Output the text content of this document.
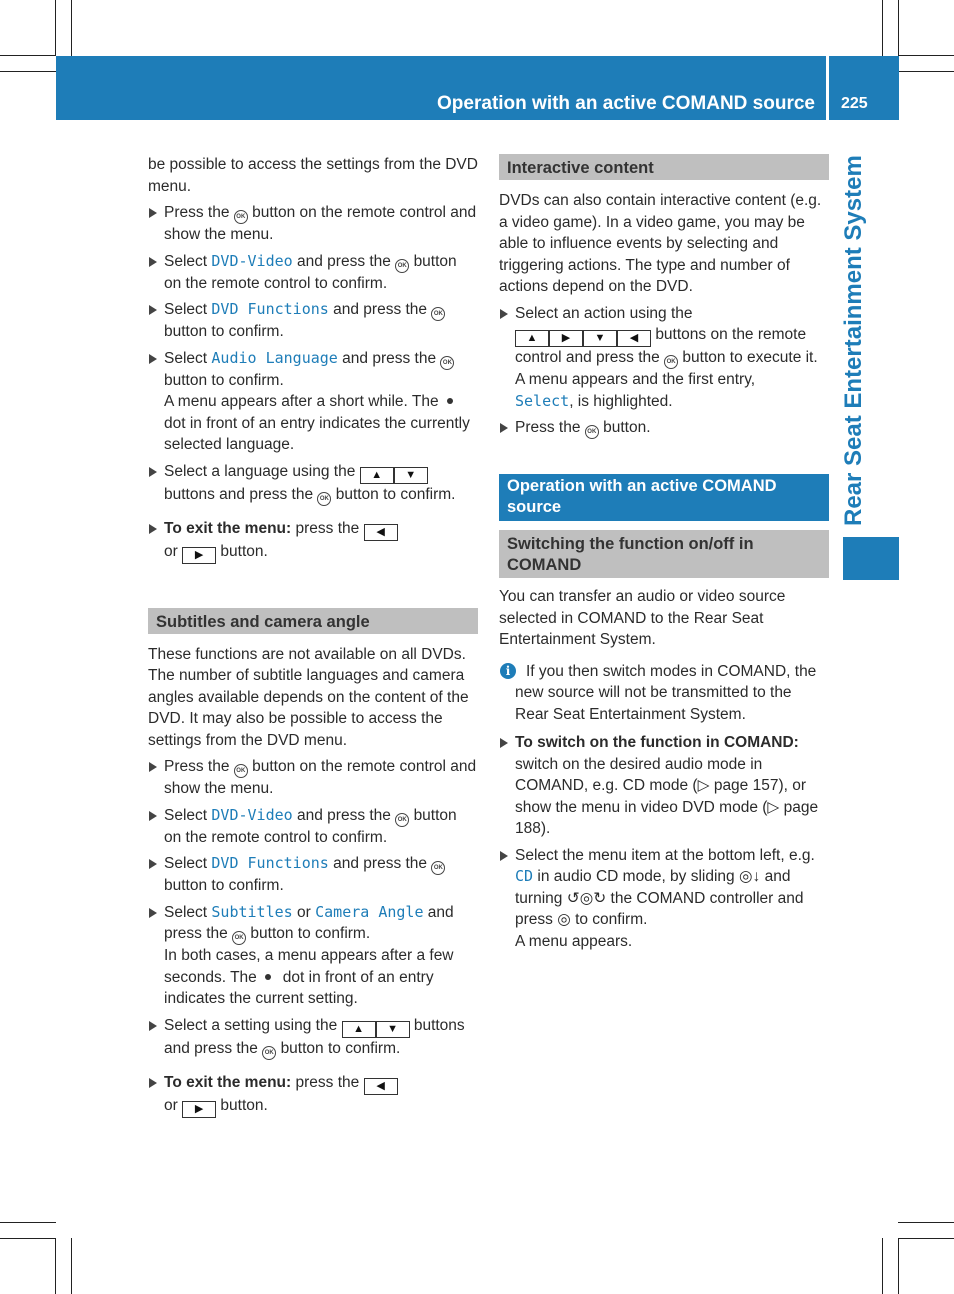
Operation with an active COMAND source	225
Rear Seat Entertainment System

be possible to access the settings from the DVD menu.

Press the OK button on the remote control and show the menu.
Select DVD-Video and press the OK button on the remote control to confirm.
Select DVD Functions and press the OK button to confirm.
Select Audio Language and press the OK button to confirm.
A menu appears after a short while. Thedot in front of an entry indicates the currently selected language.
Select a language using the ▲ ▼ buttons and press the OK button to confirm.
To exit the menu: press the ◀
or ▶ button.
Subtitles and camera angle

These functions are not available on all DVDs. The number of subtitle languages and camera angles available depends on the content of the DVD. It may also be possible to access the settings from the DVD menu.

Press the OK button on the remote control and show the menu.
Select DVD-Video and press the OK button on the remote control to confirm.
Select DVD Functions and press the OK button to confirm.
Select Subtitles or Camera Angle and press the OK button to confirm.
In both cases, a menu appears after a few seconds. The dot in front of an entry indicates the current setting.
Select a setting using the ▲ ▼ buttons and press the OK button to confirm.
To exit the menu: press the ◀
or ▶ button.
Interactive content

DVDs can also contain interactive content (e.g. a video game). In a video game, you may be able to influence events by selecting and triggering actions. The type and number of actions depend on the DVD.

Select an action using the
▲ ▶ ▼ ◀ buttons on the remote control and press the OK button to execute it.
A menu appears and the first entry,
Select, is highlighted.
Press the OK button.
Operation with an active COMAND source
Switching the function on/off in COMAND

You can transfer an audio or video source selected in COMAND to the Rear Seat Entertainment System.

i	If you then switch modes in COMAND, the new source will not be transmitted to the Rear Seat Entertainment System.
To switch on the function in COMAND: switch on the desired audio mode in COMAND, e.g. CD mode (▷ page 157), or show the menu in video DVD mode (▷ page 188).
Select the menu item at the bottom left, e.g. CD in audio CD mode, by sliding ◎↓ and turning ↺◎↻ the COMAND controller and press ◎ to confirm.
A menu appears.
